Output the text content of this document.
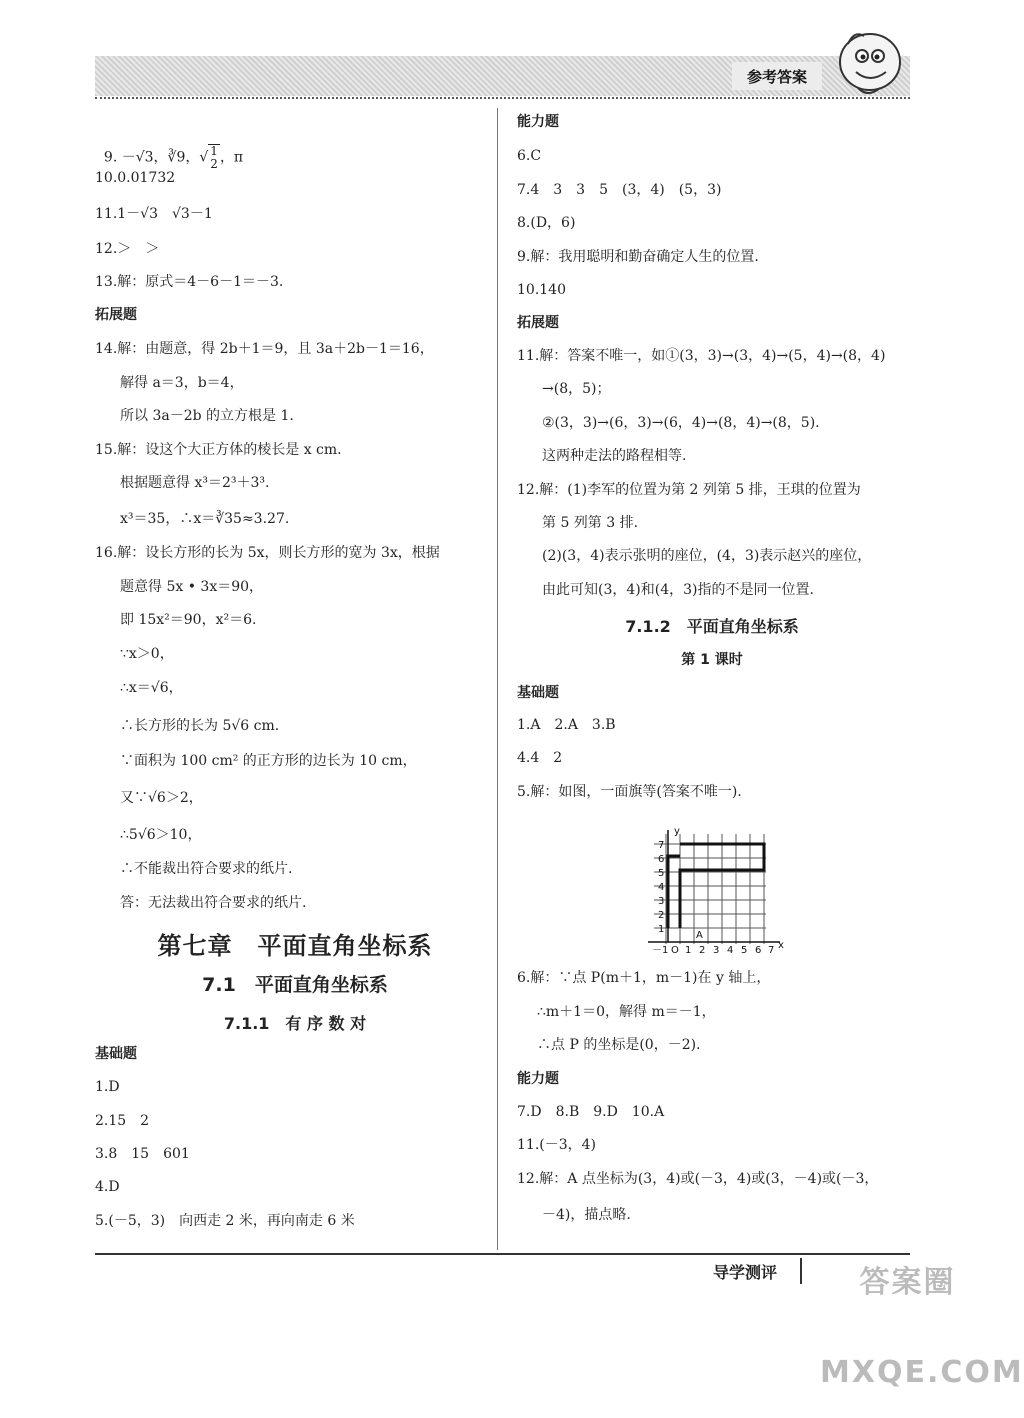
参考答案

9. －√3，∛9，√ 1
2 ，π

10.0.01732
11.1－√3　√3－1
12.＞　＞
13.解：原式＝4－6－1＝－3.
拓展题
14.解：由题意，得 2b＋1＝9，且 3a＋2b－1＝16，
解得 a＝3，b＝4，
所以 3a－2b 的立方根是 1.
15.解：设这个大正方体的棱长是 x cm.
根据题意得 x³＝2³＋3³.
x³＝35，∴x＝∛35≈3.27.
16.解：设长方形的长为 5x，则长方形的宽为 3x，根据
题意得 5x • 3x＝90，
即 15x²＝90，x²＝6.
∵x＞0，
∴x＝√6，
∴长方形的长为 5√6 cm.
∵面积为 100 cm² 的正方形的边长为 10 cm，
又∵√6＞2，
∴5√6＞10，
∴不能裁出符合要求的纸片.
答：无法裁出符合要求的纸片.
第七章　平面直角坐标系
7.1　平面直角坐标系
7.1.1　有 序 数 对
基础题
1.D
2.15　2
3.8　15　601
4.D
5.(－5，3)　向西走 2 米，再向南走 6 米
能力题
6.C
7.4　3　3　5　(3，4)　(5，3)
8.(D，6)
9.解：我用聪明和勤奋确定人生的位置.
10.140
拓展题
11.解：答案不唯一，如①(3，3)→(3，4)→(5，4)→(8，4)
→(8，5)；
②(3，3)→(6，3)→(6，4)→(8，4)→(8，5).
这两种走法的路程相等.
12.解：(1)李军的位置为第 2 列第 5 排，王琪的位置为
第 5 列第 3 排.
(2)(3，4)表示张明的座位，(4，3)表示赵兴的座位，
由此可知(3，4)和(4，3)指的不是同一位置.
7.1.2　平面直角坐标系
第 1 课时
基础题
1.A　2.A　3.B
4.4　2
5.解：如图，一面旗等(答案不唯一).
y
x
－1 O 1 2 3 4 5 6 7
1
2
3
4
5
6
7
A
6.解：∵点 P(m＋1，m－1)在 y 轴上，
∴m＋1＝0，解得 m＝－1，
∴点 P 的坐标是(0，－2).
能力题
7.D　8.B　9.D　10.A
11.(－3，4)
12.解：A 点坐标为(3，4)或(－3，4)或(3，－4)或(－3，
－4)，描点略.
导学测评	答案圈 MXQE.COM
